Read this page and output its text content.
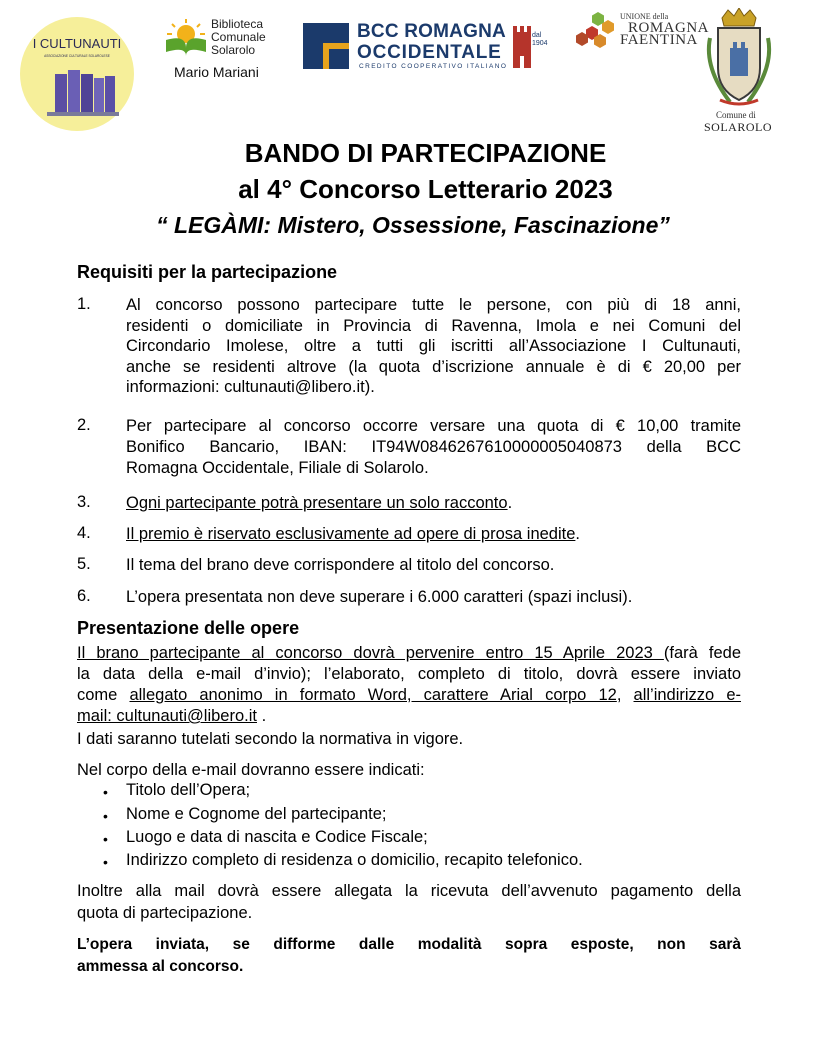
I CULTUNAUTI
ASSOCIAZIONE CULTURALE SOLAROLESE
Biblioteca
Comunale
Solarolo
Mario Mariani
BCC ROMAGNA
OCCIDENTALE
CREDITO COOPERATIVO ITALIANO
dal
1904
UNIONE della
ROMAGNA
FAENTINA
Comune di
SOLAROLO
BANDO DI PARTECIPAZIONE
al 4° Concorso Letterario 2023
“ LEGÀMI: Mistero, Ossessione, Fascinazione”
Requisiti per la partecipazione
1. Al concorso possono partecipare tutte le persone, con più di 18 anni,
residenti o domiciliate in Provincia di Ravenna, Imola e nei Comuni del
Circondario Imolese, oltre a tutti gli iscritti all’Associazione I Cultunauti,
anche se residenti altrove (la quota d’iscrizione annuale è di € 20,00 per
informazioni: cultunauti@libero.it).
2. Per partecipare al concorso occorre versare una quota di € 10,00 tramite
Bonifico Bancario, IBAN: IT94W0846267610000005040873 della BCC
Romagna Occidentale, Filiale di Solarolo.
3. Ogni partecipante potrà presentare un solo racconto.
4. Il premio è riservato esclusivamente ad opere di prosa inedite.
5. Il tema del brano deve corrispondere al titolo del concorso.
6. L’opera presentata non deve superare i 6.000 caratteri (spazi inclusi).
Presentazione delle opere
Il brano partecipante al concorso dovrà pervenire entro 15 Aprile 2023 (farà fede
la data della e-mail d’invio); l’elaborato, completo di titolo, dovrà essere inviato
come allegato anonimo in formato Word, carattere Arial corpo 12, all’indirizzo e-
mail: cultunauti@libero.it .
I dati saranno tutelati secondo la normativa in vigore.
Nel corpo della e-mail dovranno essere indicati:
• Titolo dell’Opera;
• Nome e Cognome del partecipante;
• Luogo e data di nascita e Codice Fiscale;
• Indirizzo completo di residenza o domicilio, recapito telefonico.
Inoltre alla mail dovrà essere allegata la ricevuta dell’avvenuto pagamento della
quota di partecipazione.
L’opera inviata, se difforme dalle modalità sopra esposte, non sarà
ammessa al concorso.
